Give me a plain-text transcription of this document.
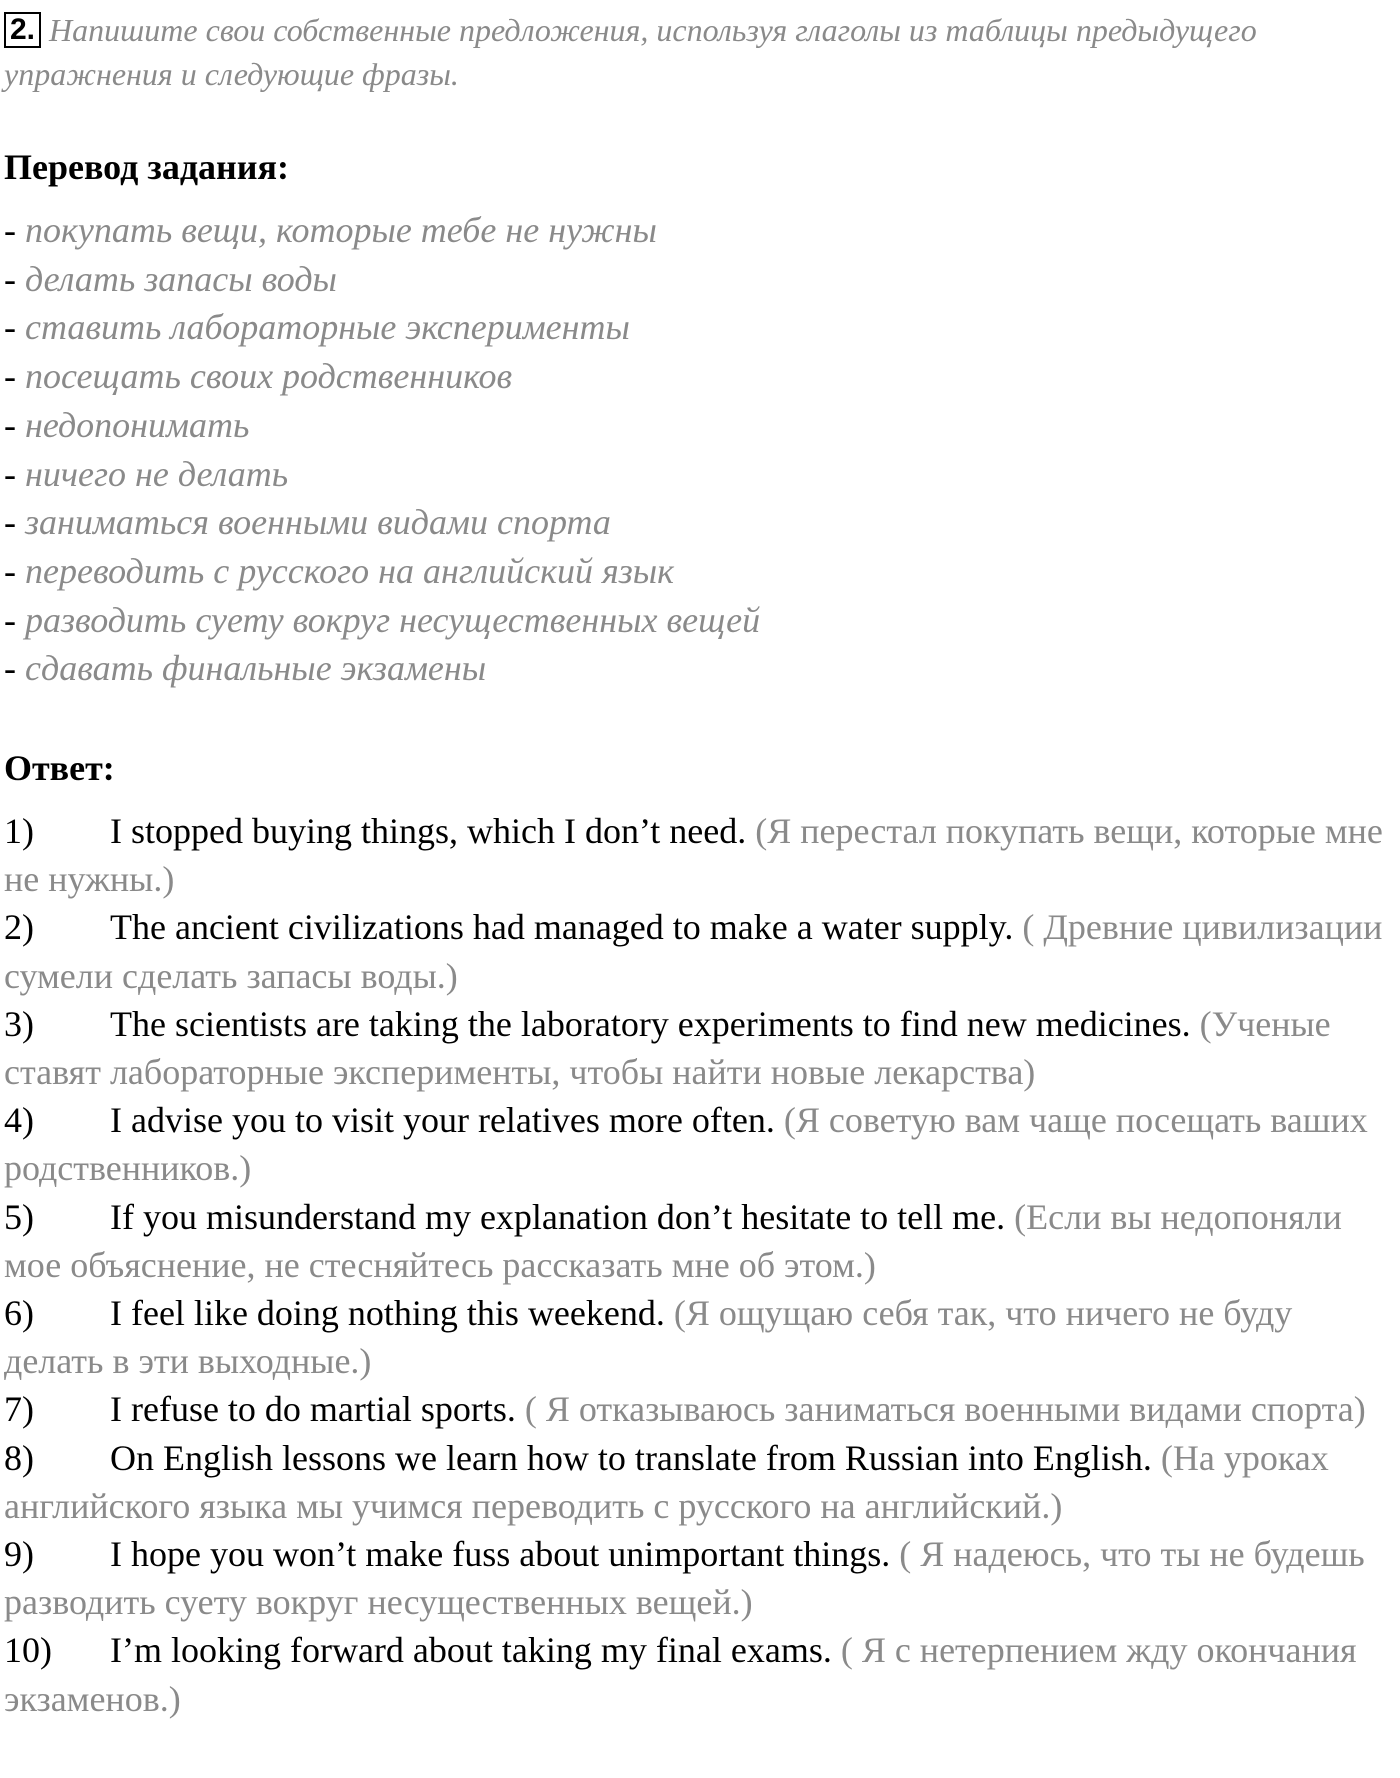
2. Напишите свои собственные предложения, используя глаголы из таблицы предыдущего упражнения и следующие фразы.
Перевод задания:
- покупать вещи, которые тебе не нужны
- делать запасы воды
- ставить лабораторные эксперименты
- посещать своих родственников
- недопонимать
- ничего не делать
- заниматься военными видами спорта
- переводить с русского на английский язык
- разводить суету вокруг несущественных вещей
- сдавать финальные экзамены
Ответ:
1) I stopped buying things, which I don’t need. (Я перестал покупать вещи, которые мне не нужны.)
2) The ancient civilizations had managed to make a water supply. ( Древние цивилизации сумели сделать запасы воды.)
3) The scientists are taking the laboratory experiments to find new medicines. (Ученые ставят лабораторные эксперименты, чтобы найти новые лекарства)
4) I advise you to visit your relatives more often. (Я советую вам чаще посещать ваших родственников.)
5) If you misunderstand my explanation don’t hesitate to tell me. (Если вы недопоняли мое объяснение, не стесняйтесь рассказать мне об этом.)
6) I feel like doing nothing this weekend. (Я ощущаю себя так, что ничего не буду делать в эти выходные.)
7) I refuse to do martial sports. ( Я отказываюсь заниматься военными видами спорта)
8) On English lessons we learn how to translate from Russian into English. (На уроках английского языка мы учимся переводить с русского на английский.)
9) I hope you won’t make fuss about unimportant things. ( Я надеюсь, что ты не будешь разводить суету вокруг несущественных вещей.)
10) I’m looking forward about taking my final exams. ( Я с нетерпением жду окончания экзаменов.)
